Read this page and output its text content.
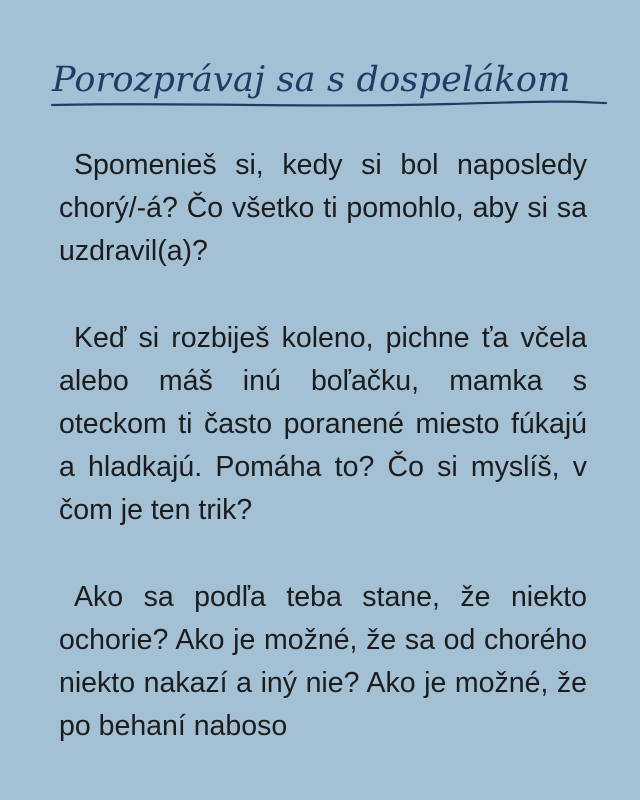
Porozprávaj sa s dospelákom

Spomenieš si, kedy si bol naposledy chorý/-á? Čo všetko ti pomohlo, aby si sa uzdravil(a)?

Keď si rozbiješ koleno, pichne ťa včela alebo máš inú boľačku, mamka s oteckom ti často poranené miesto fúkajú a hladkajú. Pomáha to? Čo si myslíš, v čom je ten trik?

Ako sa podľa teba stane, že niekto ochorie? Ako je možné, že sa od chorého niekto nakazí a iný nie? Ako je možné, že po behaní naboso
